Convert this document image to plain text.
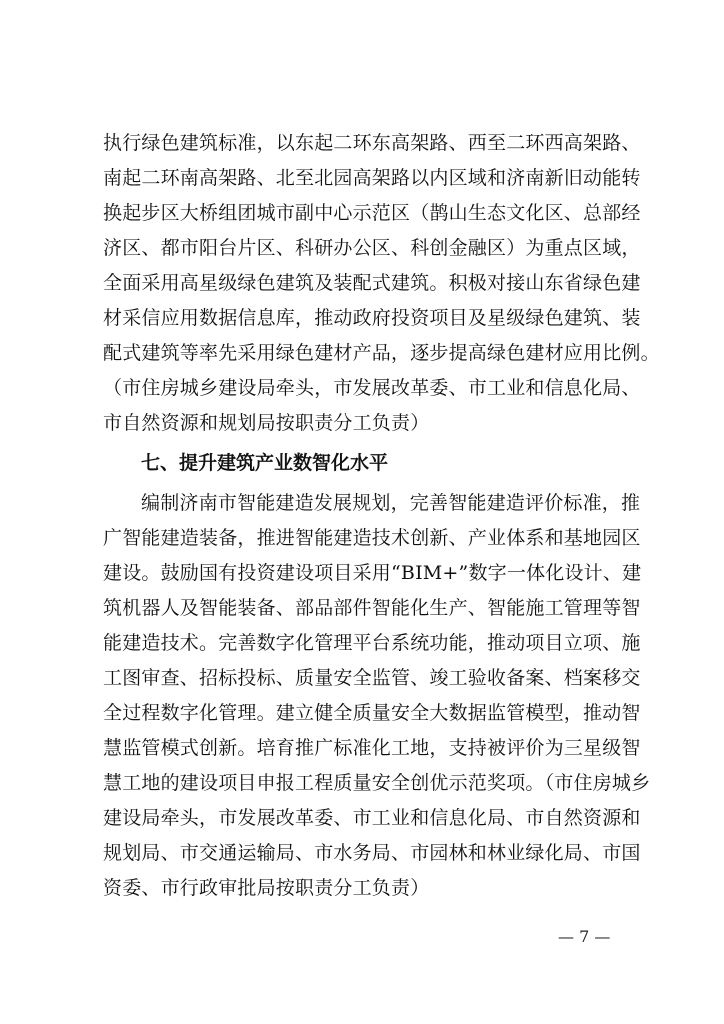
执行绿色建筑标准，以东起二环东高架路、西至二环西高架路、
南起二环南高架路、北至北园高架路以内区域和济南新旧动能转
换起步区大桥组团城市副中心示范区（鹊山生态文化区、总部经
济区、都市阳台片区、科研办公区、科创金融区）为重点区域，
全面采用高星级绿色建筑及装配式建筑。积极对接山东省绿色建
材采信应用数据信息库，推动政府投资项目及星级绿色建筑、装
配式建筑等率先采用绿色建材产品，逐步提高绿色建材应用比例。
（市住房城乡建设局牵头，市发展改革委、市工业和信息化局、
市自然资源和规划局按职责分工负责）
七、提升建筑产业数智化水平
编制济南市智能建造发展规划，完善智能建造评价标准，推
广智能建造装备，推进智能建造技术创新、产业体系和基地园区
建设。鼓励国有投资建设项目采用“BIM+”数字一体化设计、建
筑机器人及智能装备、部品部件智能化生产、智能施工管理等智
能建造技术。完善数字化管理平台系统功能，推动项目立项、施
工图审查、招标投标、质量安全监管、竣工验收备案、档案移交
全过程数字化管理。建立健全质量安全大数据监管模型，推动智
慧监管模式创新。培育推广标准化工地，支持被评价为三星级智
慧工地的建设项目申报工程质量安全创优示范奖项。（市住房城乡
建设局牵头，市发展改革委、市工业和信息化局、市自然资源和
规划局、市交通运输局、市水务局、市园林和林业绿化局、市国
资委、市行政审批局按职责分工负责）
— 7 —
